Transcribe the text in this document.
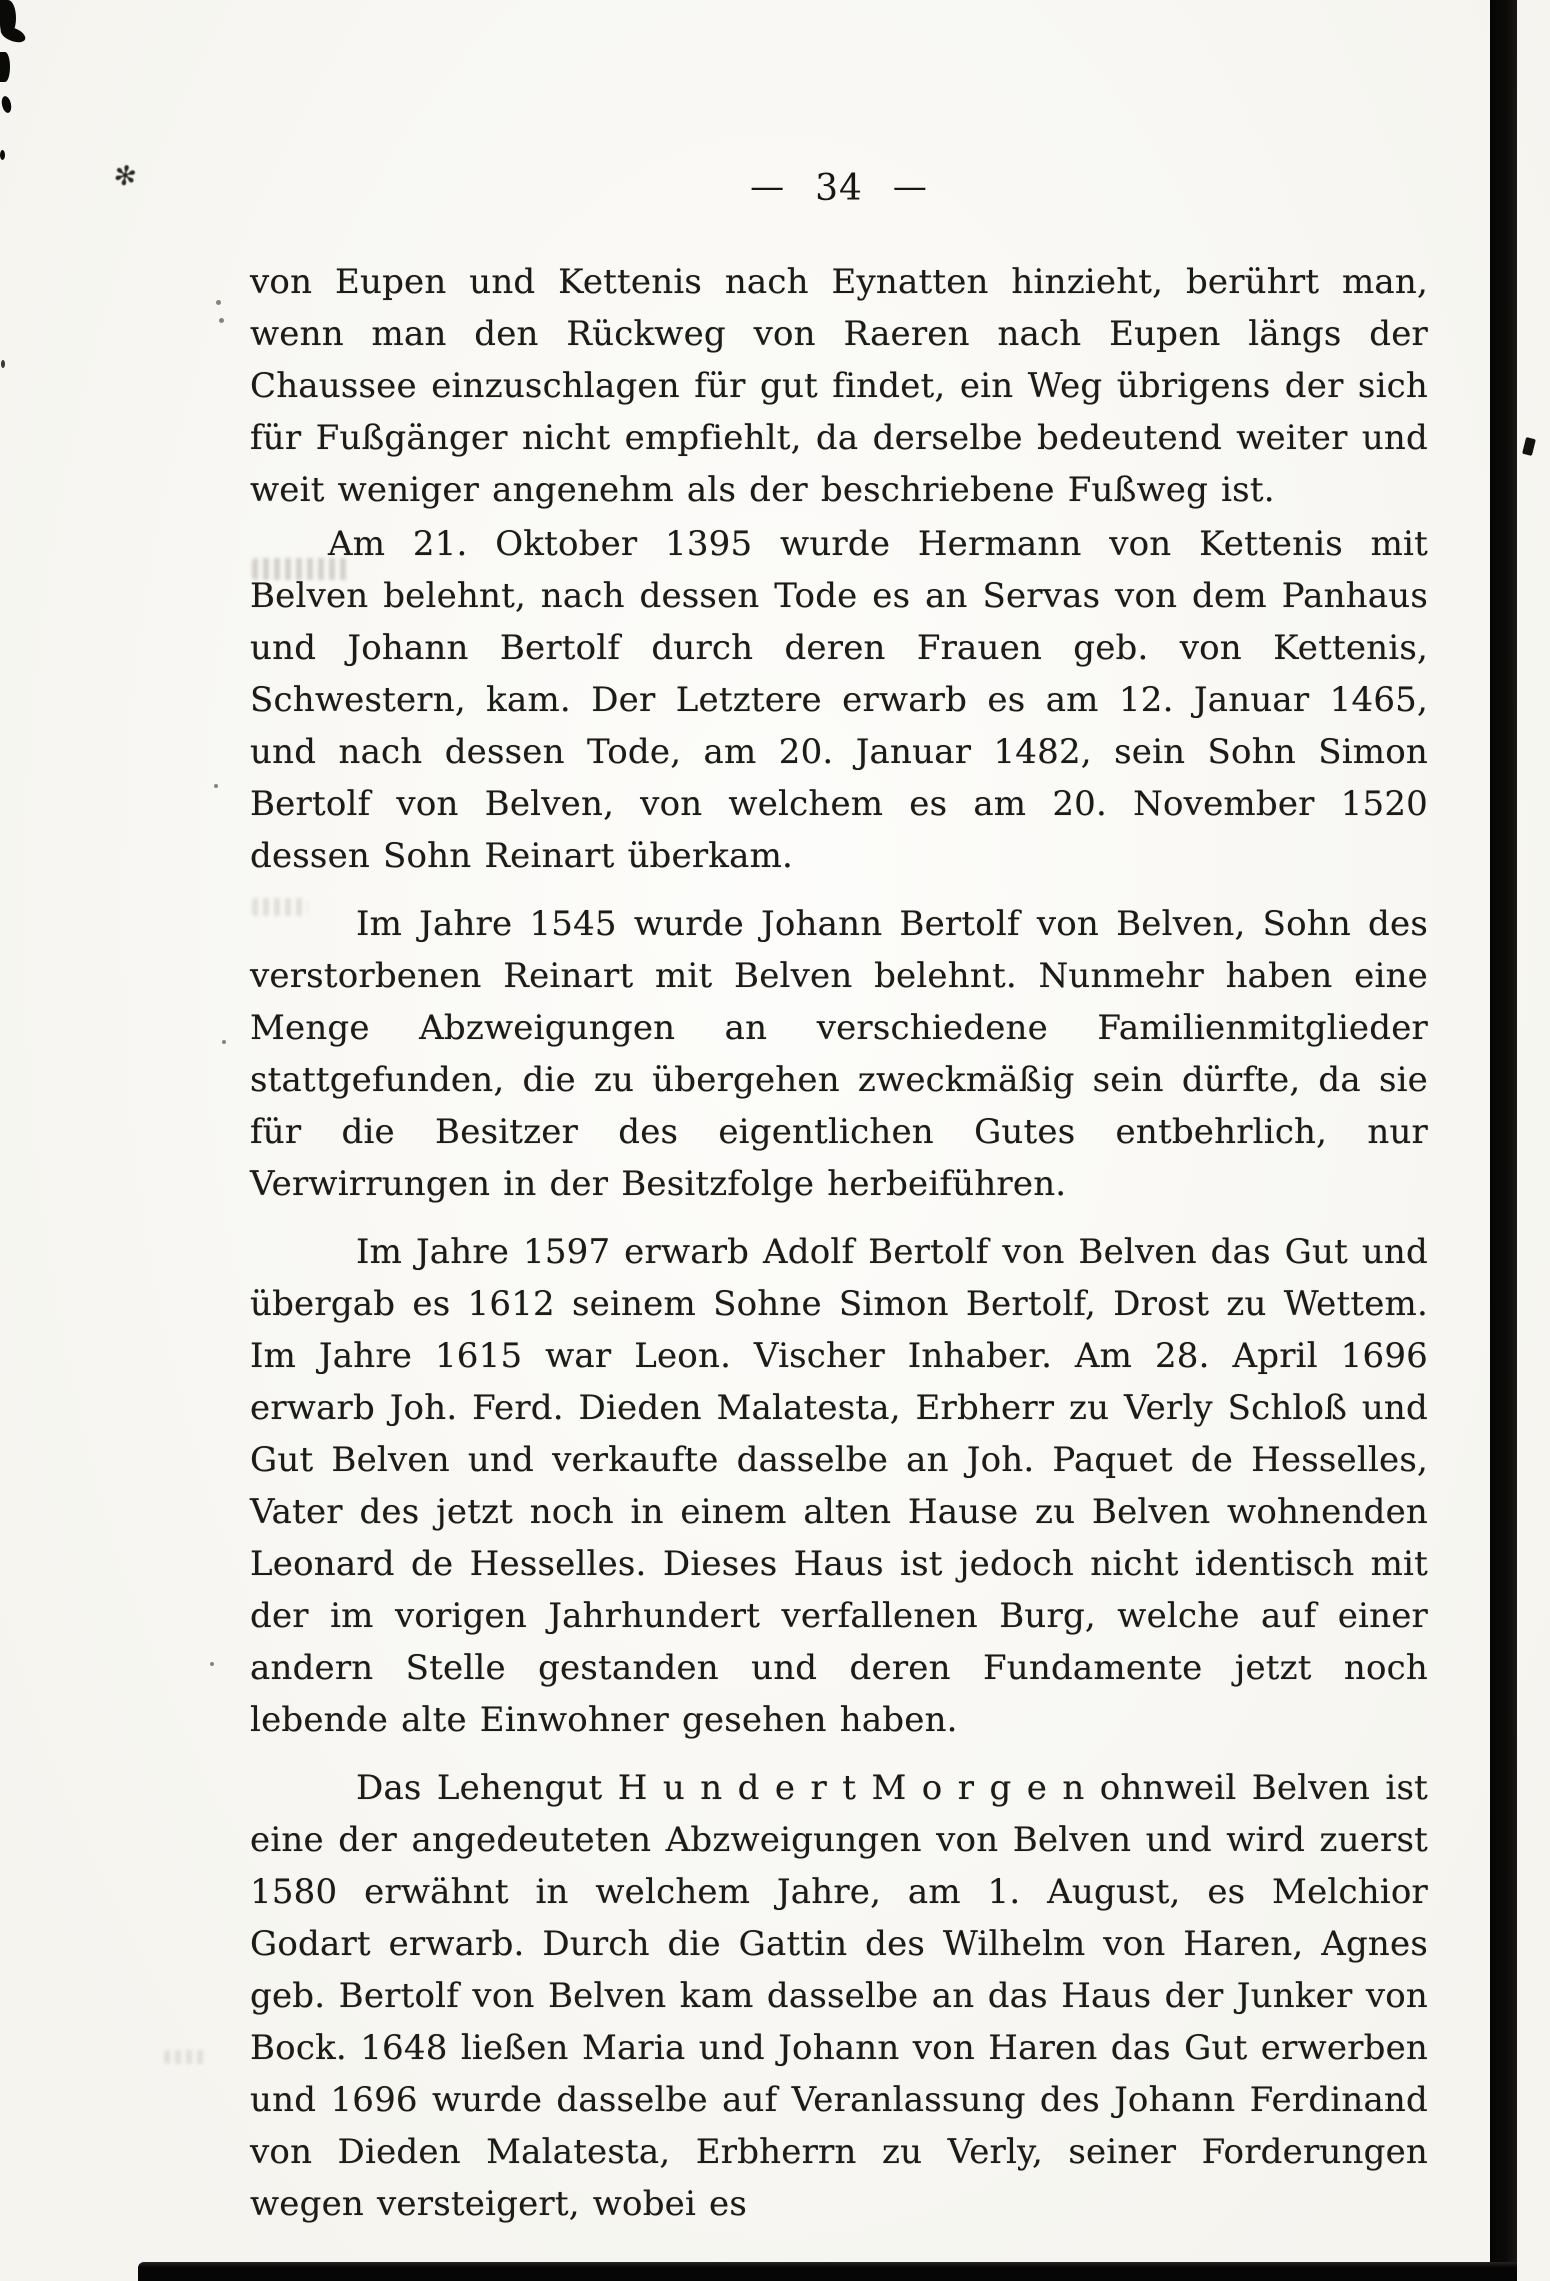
— 34 —

von Eupen und Kettenis nach Eynatten hinzieht, berührt man, wenn man den Rückweg von Raeren nach Eupen längs der Chaussee einzuschlagen für gut findet, ein Weg übrigens der sich für Fußgänger nicht empfiehlt, da derselbe bedeutend weiter und weit weniger angenehm als der beschriebene Fußweg ist.

Am 21. Oktober 1395 wurde Hermann von Kettenis mit Belven belehnt, nach dessen Tode es an Servas von dem Panhaus und Johann Bertolf durch deren Frauen geb. von Kettenis, Schwestern, kam. Der Letztere erwarb es am 12. Januar 1465, und nach dessen Tode, am 20. Januar 1482, sein Sohn Simon Bertolf von Belven, von welchem es am 20. November 1520 dessen Sohn Reinart überkam.

Im Jahre 1545 wurde Johann Bertolf von Belven, Sohn des verstorbenen Reinart mit Belven belehnt. Nunmehr haben eine Menge Abzweigungen an verschiedene Familienmitglieder stattgefunden, die zu übergehen zweckmäßig sein dürfte, da sie für die Besitzer des eigentlichen Gutes entbehrlich, nur Verwirrungen in der Besitzfolge herbeiführen.

Im Jahre 1597 erwarb Adolf Bertolf von Belven das Gut und übergab es 1612 seinem Sohne Simon Bertolf, Drost zu Wettem. Im Jahre 1615 war Leon. Vischer Inhaber. Am 28. April 1696 erwarb Joh. Ferd. Dieden Malatesta, Erbherr zu Verly Schloß und Gut Belven und verkaufte dasselbe an Joh. Paquet de Hesselles, Vater des jetzt noch in einem alten Hause zu Belven wohnenden Leonard de Hesselles. Dieses Haus ist jedoch nicht identisch mit der im vorigen Jahrhundert verfallenen Burg, welche auf einer andern Stelle gestanden und deren Fundamente jetzt noch lebende alte Einwohner gesehen haben.

Das Lehengut H u n d e r t M o r g e n ohnweil Belven ist eine der angedeuteten Abzweigungen von Belven und wird zuerst 1580 erwähnt in welchem Jahre, am 1. August, es Melchior Godart erwarb. Durch die Gattin des Wilhelm von Haren, Agnes geb. Bertolf von Belven kam dasselbe an das Haus der Junker von Bock. 1648 ließen Maria und Johann von Haren das Gut erwerben und 1696 wurde dasselbe auf Veranlassung des Johann Ferdinand von Dieden Malatesta, Erbherrn zu Verly, seiner Forderungen wegen versteigert, wobei es

✻
